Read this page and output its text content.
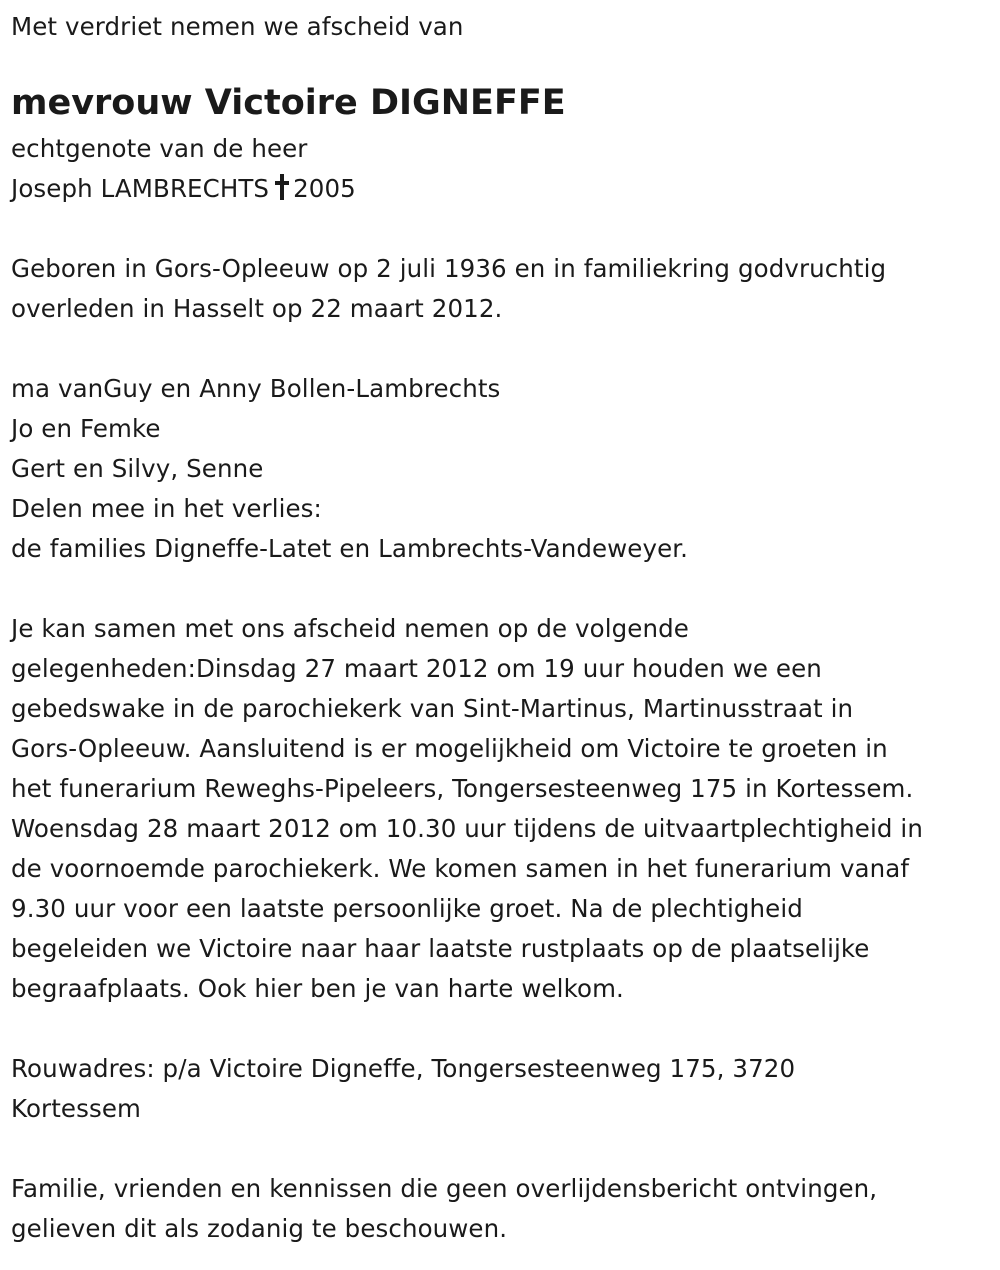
Met verdriet nemen we afscheid van
mevrouw Victoire DIGNEFFE
echtgenote van de heer
Joseph LAMBRECHTS 2005
Geboren in Gors-Opleeuw op 2 juli 1936 en in familiekring godvruchtig
overleden in Hasselt op 22 maart 2012.
ma vanGuy en Anny Bollen-Lambrechts
Jo en Femke
Gert en Silvy, Senne
Delen mee in het verlies:
de families Digneffe-Latet en Lambrechts-Vandeweyer.
Je kan samen met ons afscheid nemen op de volgende
gelegenheden:Dinsdag 27 maart 2012 om 19 uur houden we een
gebedswake in de parochiekerk van Sint-Martinus, Martinusstraat in
Gors-Opleeuw. Aansluitend is er mogelijkheid om Victoire te groeten in
het funerarium Reweghs-Pipeleers, Tongersesteenweg 175 in Kortessem.
Woensdag 28 maart 2012 om 10.30 uur tijdens de uitvaartplechtigheid in
de voornoemde parochiekerk. We komen samen in het funerarium vanaf
9.30 uur voor een laatste persoonlijke groet. Na de plechtigheid
begeleiden we Victoire naar haar laatste rustplaats op de plaatselijke
begraafplaats. Ook hier ben je van harte welkom.
Rouwadres: p/a Victoire Digneffe, Tongersesteenweg 175, 3720
Kortessem
Familie, vrienden en kennissen die geen overlijdensbericht ontvingen,
gelieven dit als zodanig te beschouwen.
